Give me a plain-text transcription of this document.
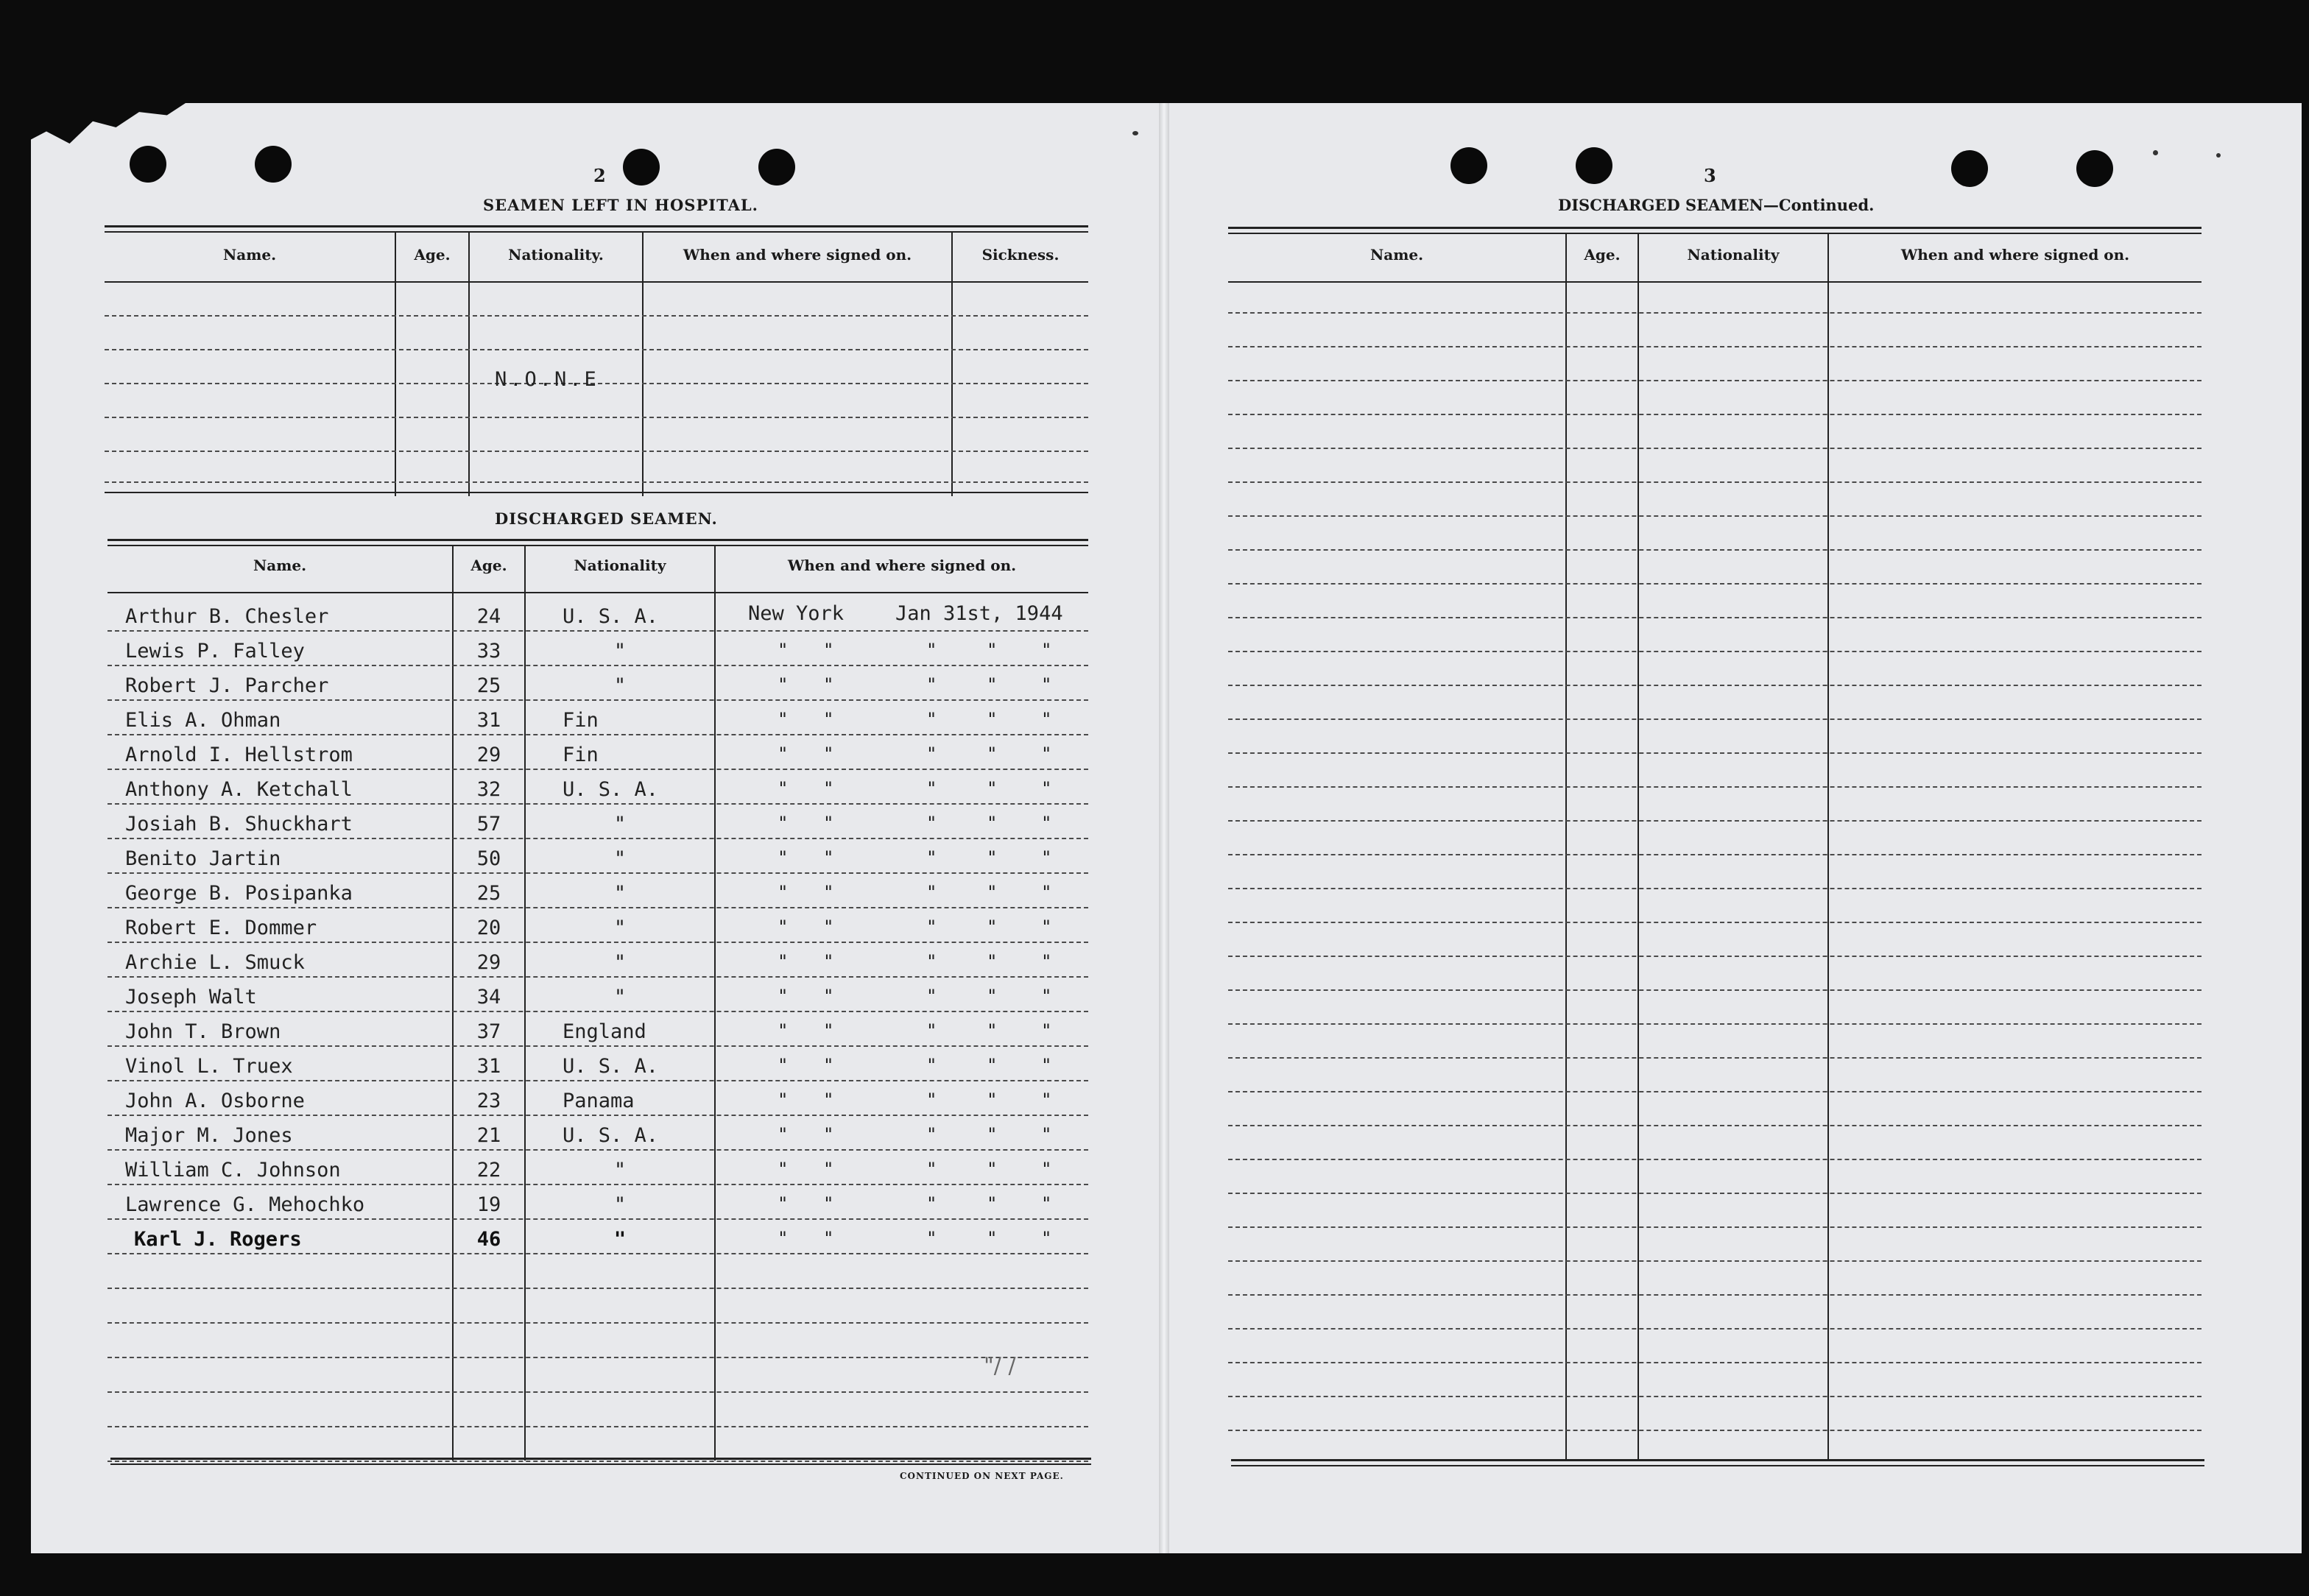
2
SEAMEN LEFT IN HOSPITAL.
Name.	Age.	Nationality.	When and where signed on.	Sickness.
N.O.N.E
DISCHARGED SEAMEN.
Name.	Age.	Nationality	When and where signed on.
Arthur B. Chesler	24	U. S. A.	New York	Jan 31st, 1944
Lewis P. Falley	33	"	" "	"	" "
Robert J. Parcher	25	"	" "	"	" "
Elis A. Ohman	31	Fin	" "	"	" "
Arnold I. Hellstrom	29	Fin	" "	"	" "
Anthony A. Ketchall	32	U. S. A.	" "	"	" "
Josiah B. Shuckhart	57	"	" "	"	" "
Benito Jartin	50	"	" "	"	" "
George B. Posipanka	25	"	" "	"	" "
Robert E. Dommer	20	"	" "	"	" "
Archie L. Smuck	29	"	" "	"	" "
Joseph Walt	34	"	" "	"	" "
John T. Brown	37	England	" "	"	" "
Vinol L. Truex	31	U. S. A.	" "	"	" "
John A. Osborne	23	Panama	" "	"	" "
Major M. Jones	21	U. S. A.	" "	"	" "
William C. Johnson	22	"	" "	"	" "
Lawrence G. Mehochko	19	"	" "	"	" "
Karl J. Rogers	46	"	" "	"	" "
CONTINUED ON NEXT PAGE.
"/ /
3
DISCHARGED SEAMEN—Continued.
Name.	Age.	Nationality	When and where signed on.
